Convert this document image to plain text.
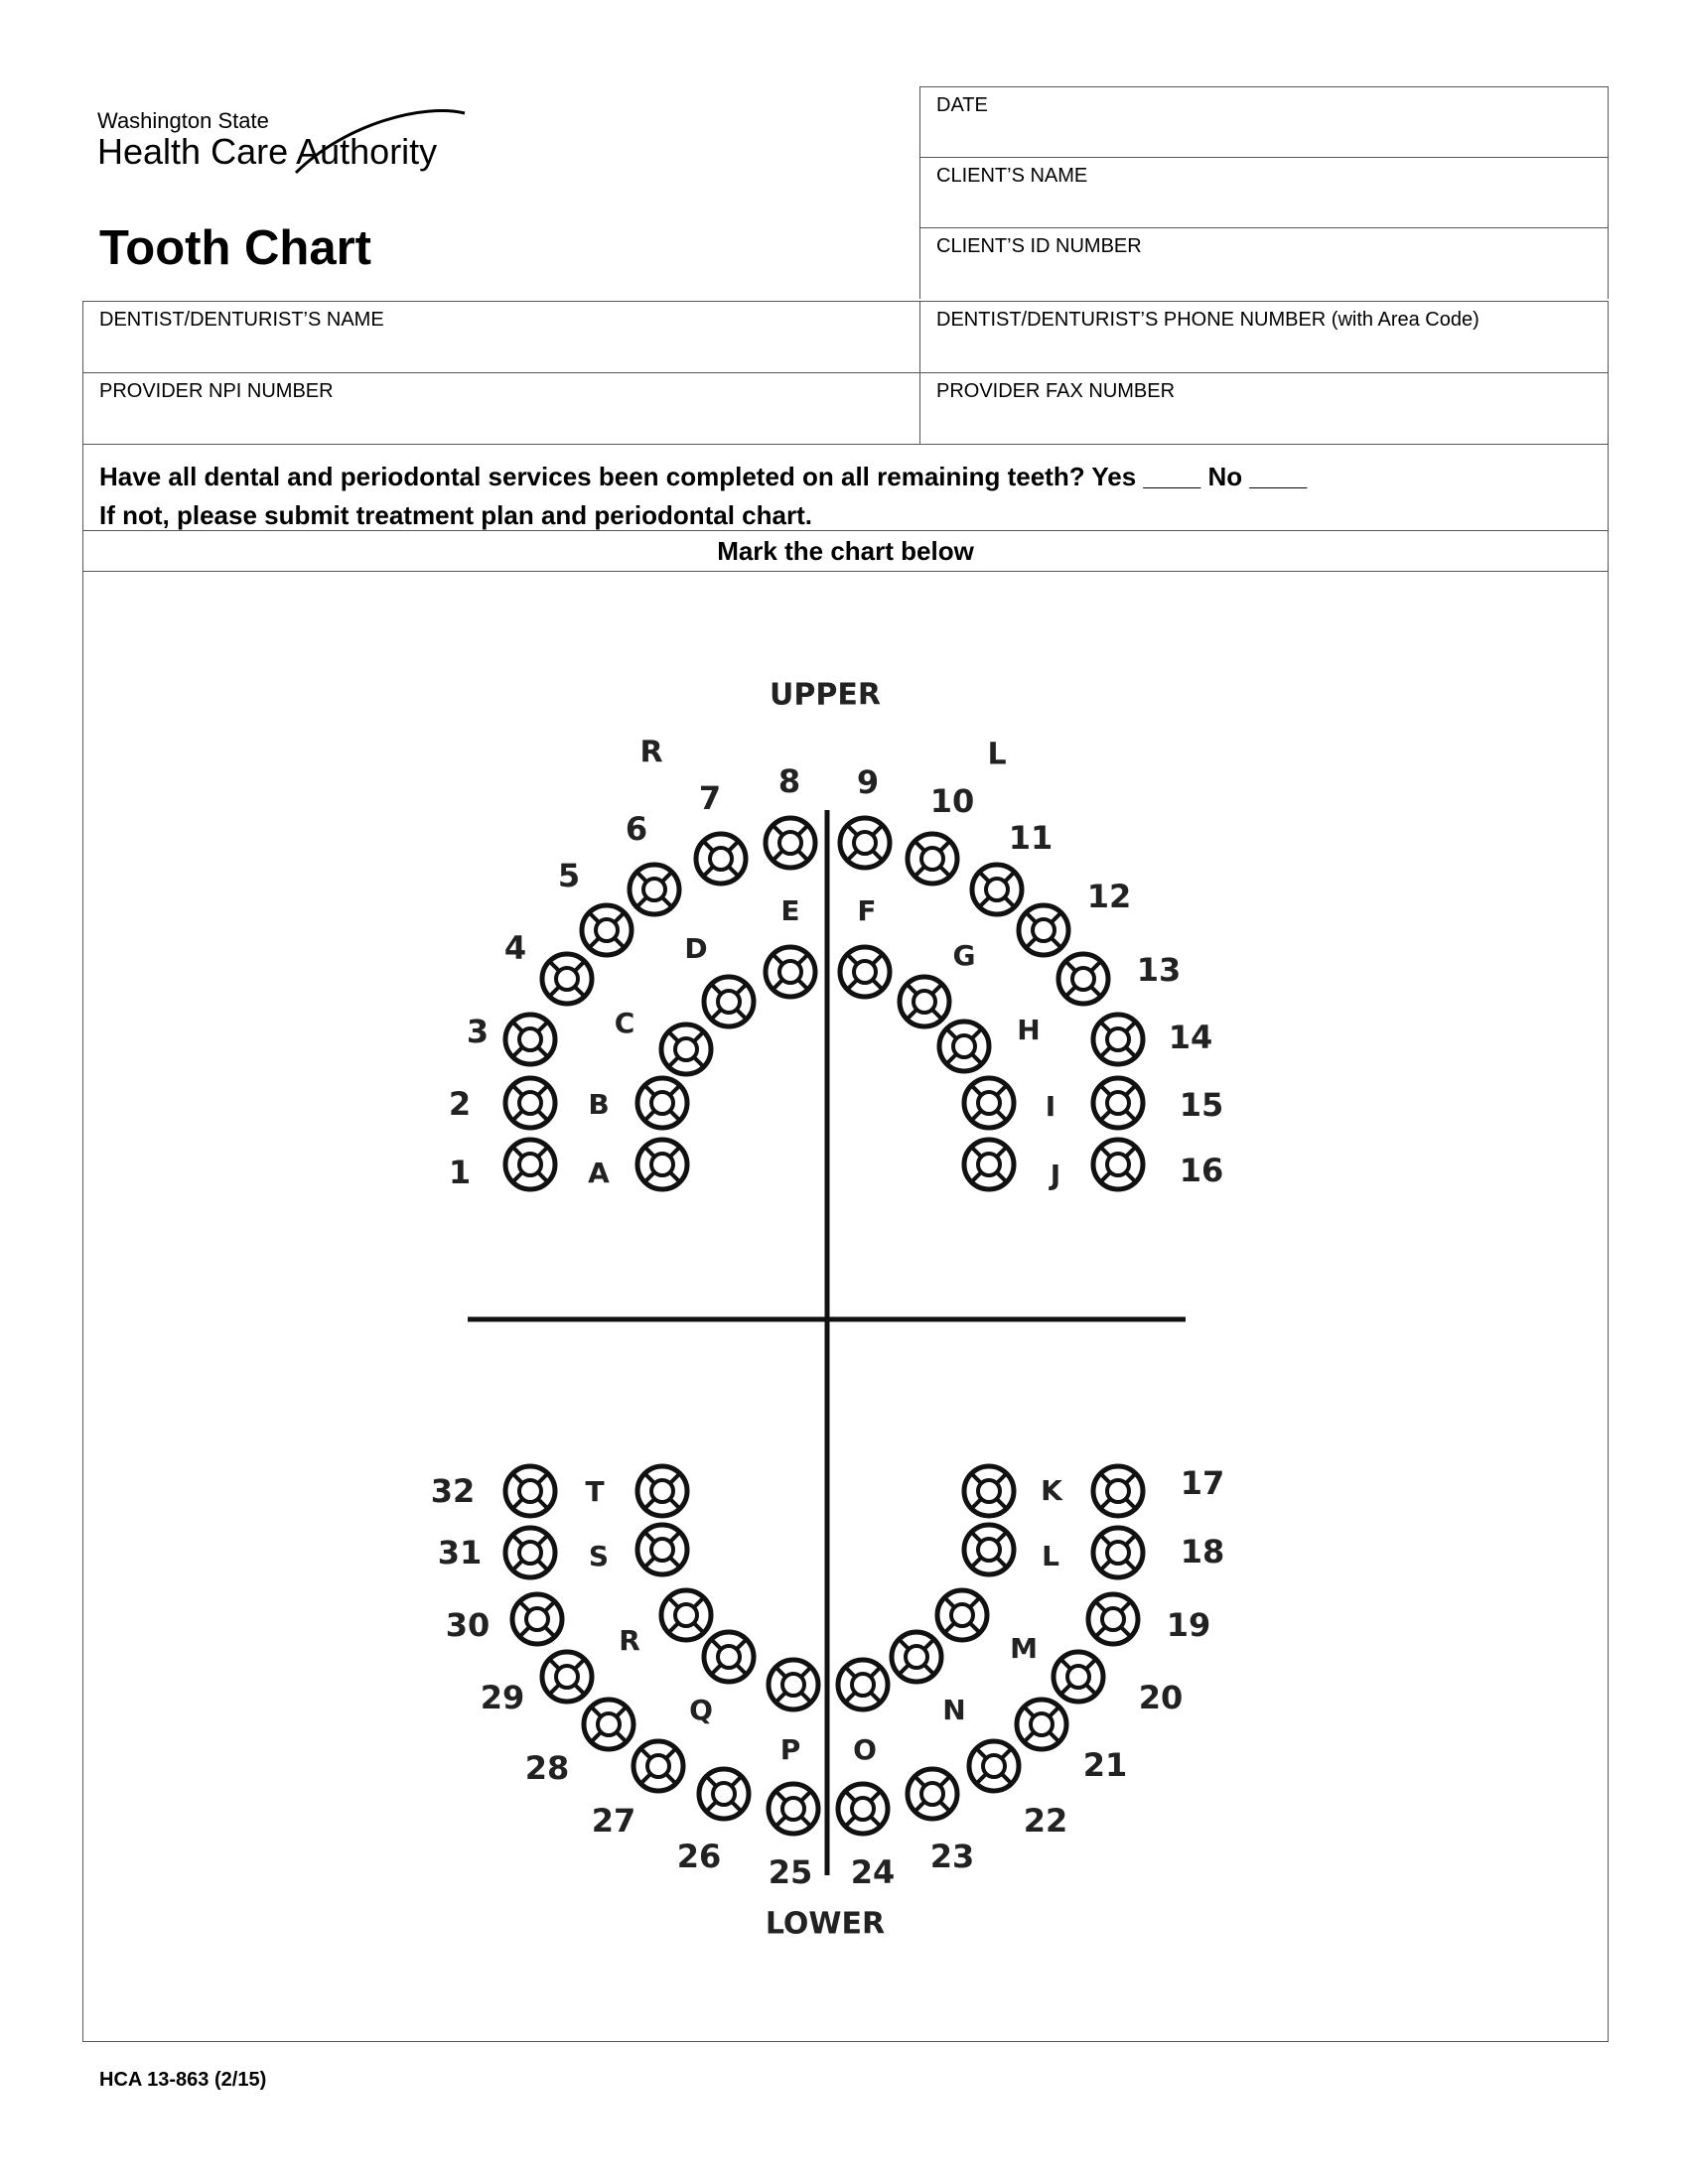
Washington State
Health Care Authority
Tooth Chart
DATE
CLIENT’S NAME
CLIENT’S ID NUMBER
DENTIST/DENTURIST’S NAME	DENTIST/DENTURIST’S PHONE NUMBER (with Area Code)
PROVIDER NPI NUMBER	PROVIDER FAX NUMBER
Have all dental and periodontal services been completed on all remaining teeth? Yes ____ No ____
If not, please submit treatment plan and periodontal chart.
Mark the chart below
UPPER
LOWER
R	L
1
2
3
4
5
6
7 8 9 10
11
12
13
14
15
16
A
B
C
D
E F
G
H
I
J
17
18
19
20
21
22
23
24
25
26
27
28
29
30
31
32	K
L
M
N
O
P
Q
R
S
T
HCA 13-863 (2/15)
